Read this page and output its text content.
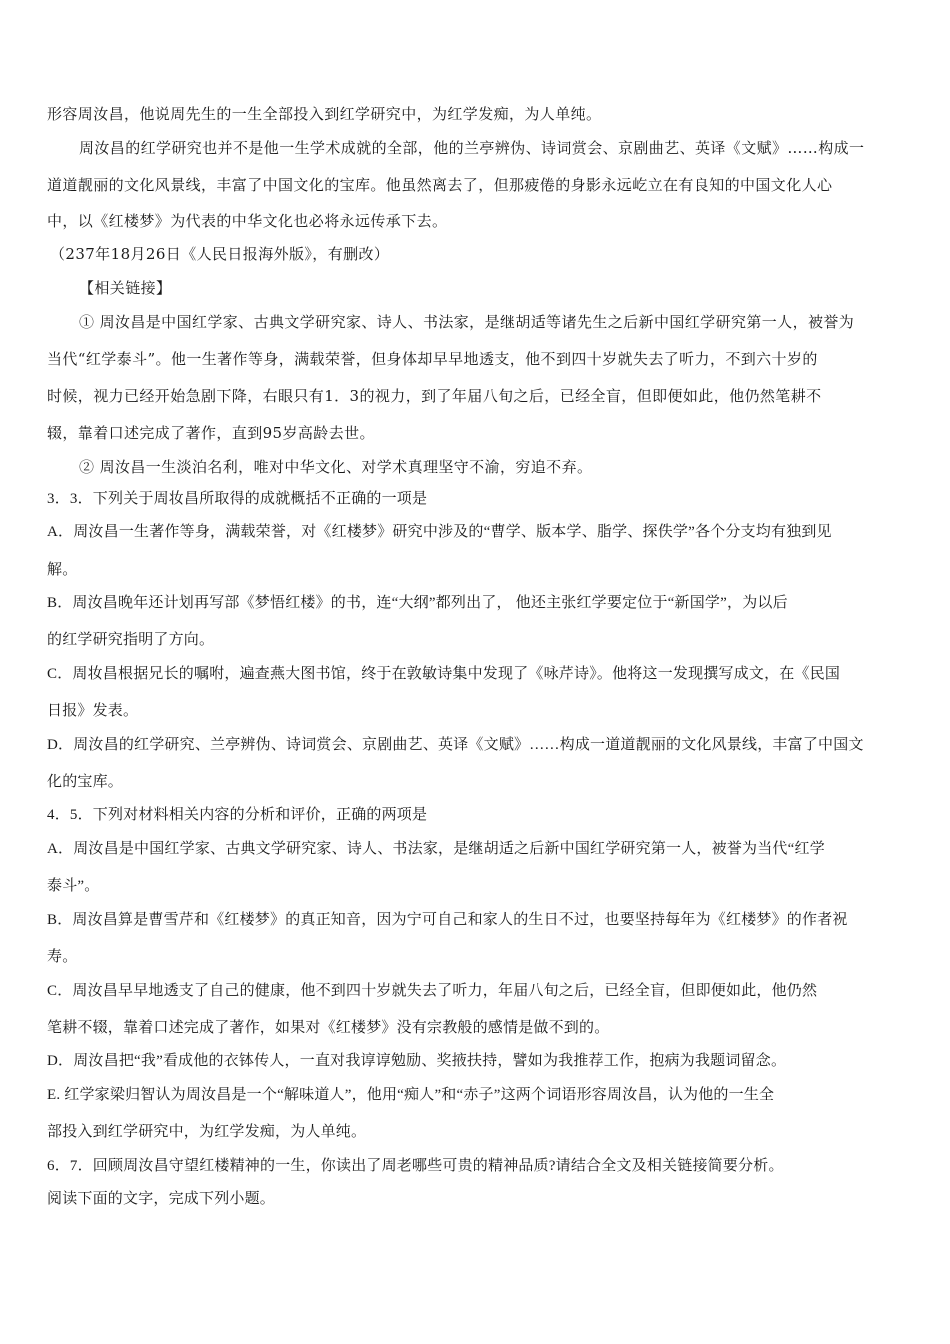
形容周汝昌，他说周先生的一生全部投入到红学研究中，为红学发痴，为人单纯。
周汝昌的红学研究也并不是他一生学术成就的全部，他的兰亭辨伪、诗词赏会、京剧曲艺、英译《文赋》……构成一
道道靓丽的文化风景线，丰富了中国文化的宝库。他虽然离去了，但那疲倦的身影永远屹立在有良知的中国文化人心
中，以《红楼梦》为代表的中华文化也必将永远传承下去。
（237年18月26日《人民日报海外版》，有删改）
【相关链接】
① 周汝昌是中国红学家、古典文学研究家、诗人、书法家，是继胡适等诸先生之后新中国红学研究第一人，被誉为
当代“红学泰斗”。他一生著作等身，满载荣誉，但身体却早早地透支，他不到四十岁就失去了听力，不到六十岁的
时候，视力已经开始急剧下降，右眼只有1．3的视力，到了年届八旬之后，已经全盲，但即便如此，他仍然笔耕不
辍，靠着口述完成了著作，直到95岁高龄去世。
② 周汝昌一生淡泊名利，唯对中华文化、对学术真理坚守不渝，穷追不弃。
3．3．下列关于周妆昌所取得的成就概括不正确的一项是
A．周汝昌一生著作等身，满载荣誉，对《红楼梦》研究中涉及的“曹学、版本学、脂学、探佚学”各个分支均有独到见
解。
B．周汝昌晚年还计划再写部《梦悟红楼》的书，连“大纲”都列出了， 他还主张红学要定位于“新国学”，为以后
的红学研究指明了方向。
C．周妆昌根据兄长的嘱咐，遍查燕大图书馆，终于在敦敏诗集中发现了《咏芹诗》。他将这一发现撰写成文，在《民国
日报》发表。
D．周汝昌的红学研究、兰亭辨伪、诗词赏会、京剧曲艺、英译《文赋》……构成一道道靓丽的文化风景线，丰富了中国文
化的宝库。
4．5．下列对材料相关内容的分析和评价，正确的两项是
A．周汝昌是中国红学家、古典文学研究家、诗人、书法家，是继胡适之后新中国红学研究第一人，被誉为当代“红学
泰斗”。
B．周汝昌算是曹雪芹和《红楼梦》的真正知音，因为宁可自己和家人的生日不过，也要坚持每年为《红楼梦》的作者祝
寿。
C．周汝昌早早地透支了自己的健康，他不到四十岁就失去了听力，年届八旬之后，已经全盲，但即便如此，他仍然
笔耕不辍，靠着口述完成了著作，如果对《红楼梦》没有宗教般的感情是做不到的。
D．周汝昌把“我”看成他的衣钵传人，一直对我谆谆勉励、奖掖扶持，譬如为我推荐工作，抱病为我题词留念。
E. 红学家梁归智认为周汝昌是一个“解味道人”，他用“痴人”和“赤子”这两个词语形容周汝昌，认为他的一生全
部投入到红学研究中，为红学发痴，为人单纯。
6．7．回顾周汝昌守望红楼精神的一生，你读出了周老哪些可贵的精神品质?请结合全文及相关链接简要分析。
阅读下面的文字，完成下列小题。
